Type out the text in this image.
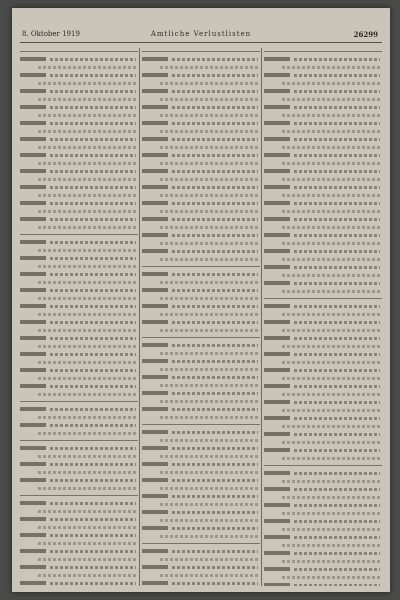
8. Oktober 1919	Amtliche Verlustlisten	26299
